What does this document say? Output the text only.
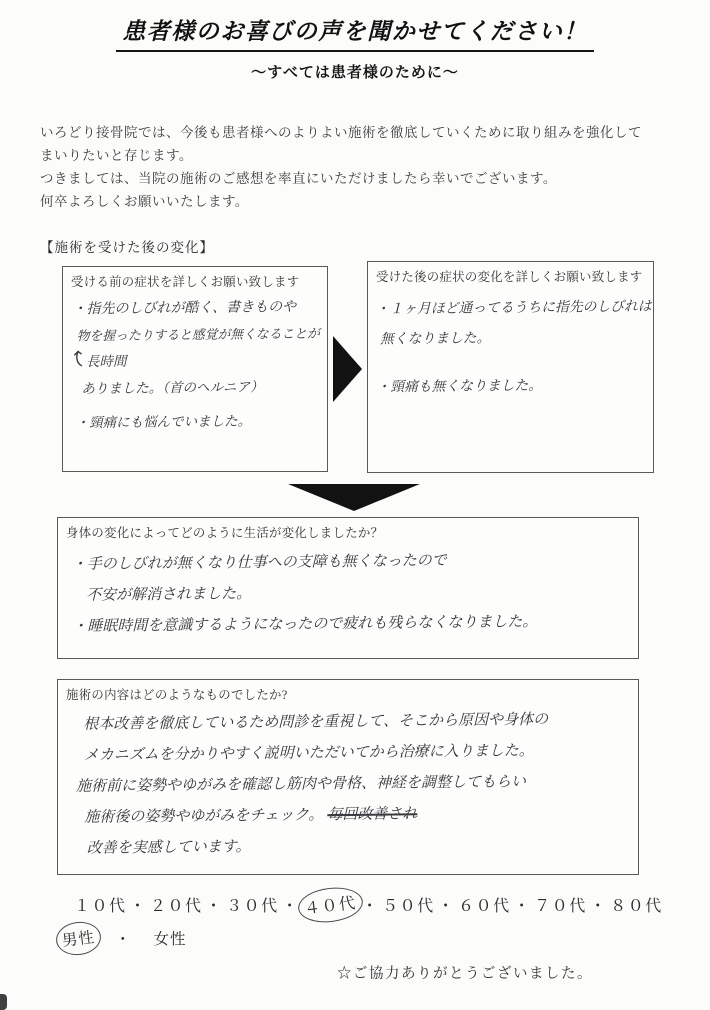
患者様のお喜びの声を聞かせてください！
～すべては患者様のために～
いろどり接骨院では、今後も患者様へのよりよい施術を徹底していくために取り組みを強化して
まいりたいと存じます。
つきましては、当院の施術のご感想を率直にいただけましたら幸いでございます。
何卒よろしくお願いいたします。
【施術を受けた後の変化】
受ける前の症状を詳しくお願い致します
・指先のしびれが酷く、書きものや
物を握ったりすると感覚が無くなることが
長時間
ありました。（首のヘルニア）
・頸痛にも悩んでいました。
受けた後の症状の変化を詳しくお願い致します
・１ヶ月ほど通ってるうちに指先のしびれは
無くなりました。
・頸痛も無くなりました。
身体の変化によってどのように生活が変化しましたか？
・手のしびれが無くなり仕事への支障も無くなったので
不安が解消されました。
・睡眠時間を意識するようになったので疲れも残らなくなりました。
施術の内容はどのようなものでしたか?
根本改善を徹底しているため問診を重視して、そこから原因や身体の
メカニズムを分かりやすく説明いただいてから治療に入りました。
施術前に姿勢やゆがみを確認し筋肉や骨格、神経を調整してもらい
施術後の姿勢やゆがみをチェック。 毎回改善され
改善を実感しています。
１０代 ・ ２０代 ・ ３０代 ・ ４０代 ・ ５０代 ・ ６０代 ・ ７０代 ・ ８０代
男性 ・ 女性
☆ご協力ありがとうございました。
